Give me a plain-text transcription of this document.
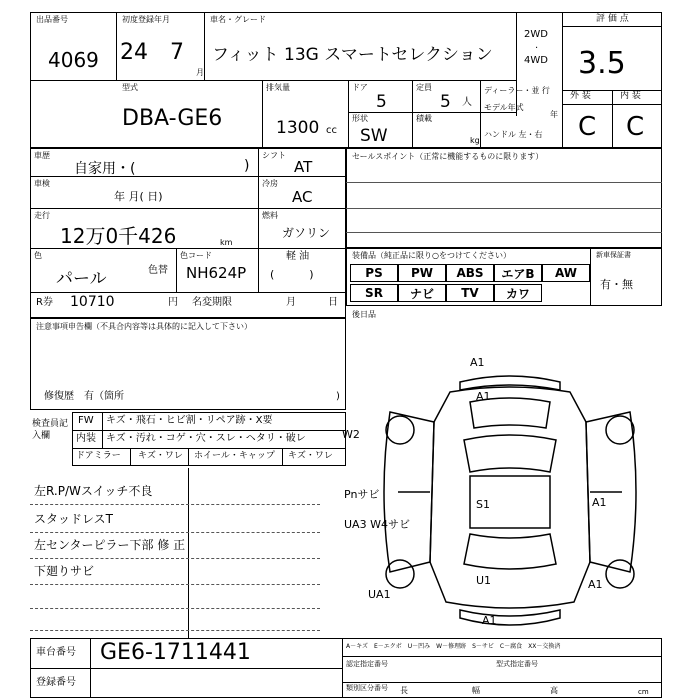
出品番号
4069
初度登録年月
24 7
月
車名・グレード
フィット 13G スマートセレクション
2WD
·
4WD
評 価 点
3.5
外 装	内 装
C C
型式
DBA-GE6
排気量
1300 cc
ドア
5
形状
SW
定員
5 人
積載
kg
ディーラー・並 行
モデル年式
年
ハンドル 左・右
車歴
自家用・(	)
シフト
AT
車検
年 月( 日)
冷房
AC
走行
12万0千426	km
燃料
ガソリン
色
パール	色替
色コード
NH624P
軽 油
(          )
R券 10710	円 名変期限	月	日
セールスポイント（正常に機能するものに限ります）
装備品（純正品に限り○をつけてください）	新車保証書
有・無
PS	PW	ABS	エアB	AW
SR	ナビ	TV	カワ
後日品
注意事項申告欄（不具合内容等は具体的に記入して下さい）
修復歴　有（箇所	)
検査員記入欄
FW キズ・飛石・ヒビ割・リペア跡・X要
内装 キズ・汚れ・コゲ・穴・スレ・ヘタリ・破レ
ドアミラー キズ・ワレ ホイール・キャップ キズ・ワレ
左R.P/Wスイッチ不良
スタッドレスT
左センターピラー下部 修 正
下廻りサビ
A1
A1
W2
Pnサビ
UA3 W4サビ
S1	A1
U1
UA1
A1
A1
車台番号 GE6-1711441
登録番号
A－キズ　E－エクボ　U－凹み　W－修理跡　S－サビ　C－腐食　XX－交換済
認定指定番号	型式指定番号
類別区分番号	幅	高
長	cm
